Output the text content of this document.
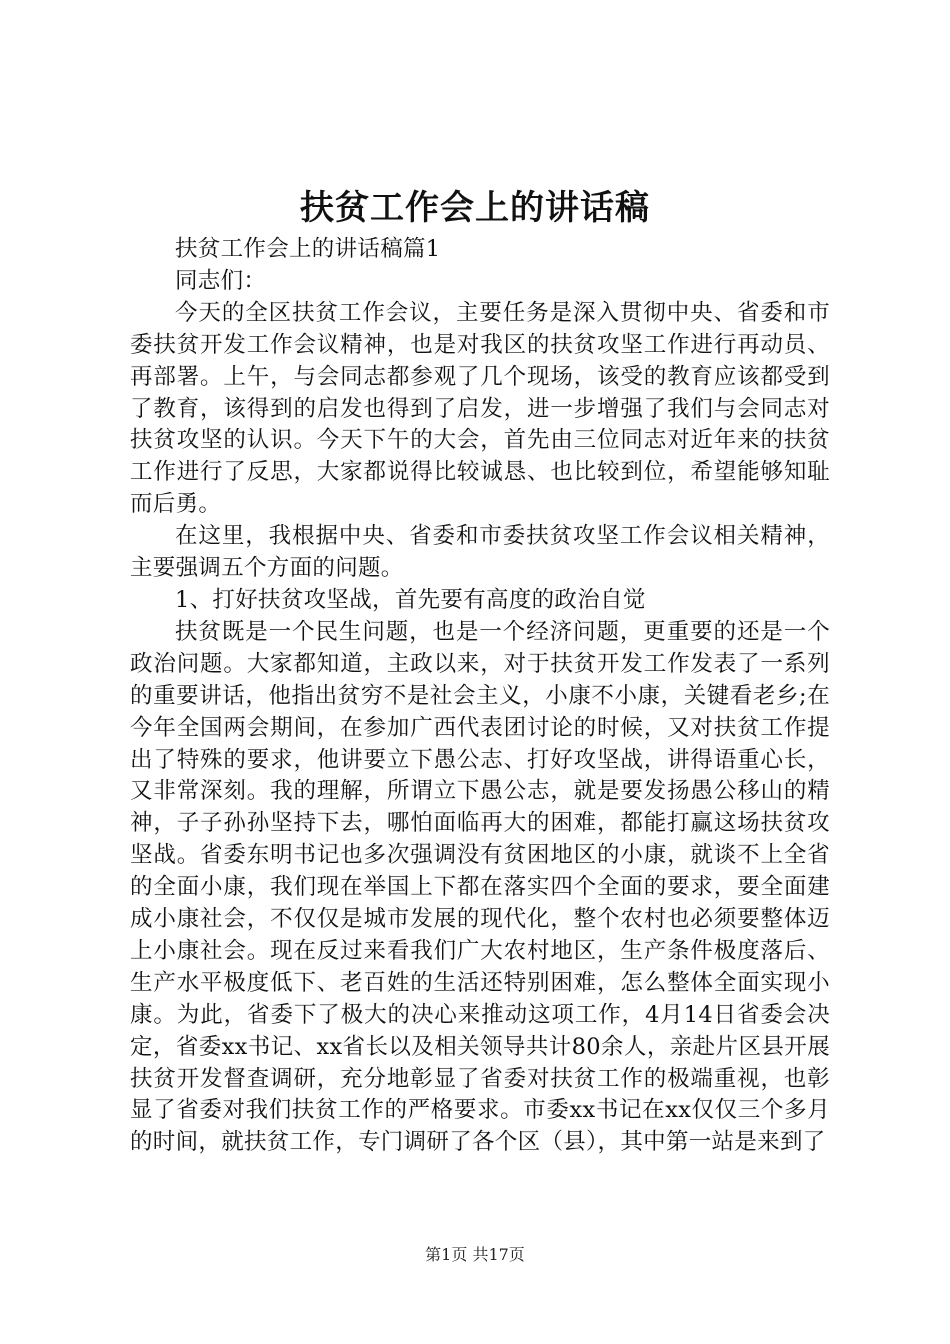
扶贫工作会上的讲话稿

扶贫工作会上的讲话稿篇1

同志们：

今天的全区扶贫工作会议，主要任务是深入贯彻中央、省委和市委扶贫开发工作会议精神，也是对我区的扶贫攻坚工作进行再动员、再部署。上午，与会同志都参观了几个现场，该受的教育应该都受到了教育，该得到的启发也得到了启发，进一步增强了我们与会同志对扶贫攻坚的认识。今天下午的大会，首先由三位同志对近年来的扶贫工作进行了反思，大家都说得比较诚恳、也比较到位，希望能够知耻而后勇。

在这里，我根据中央、省委和市委扶贫攻坚工作会议相关精神，主要强调五个方面的问题。

1、打好扶贫攻坚战，首先要有高度的政治自觉

扶贫既是一个民生问题，也是一个经济问题，更重要的还是一个政治问题。大家都知道，主政以来，对于扶贫开发工作发表了一系列的重要讲话，他指出贫穷不是社会主义，小康不小康，关键看老乡;在今年全国两会期间，在参加广西代表团讨论的时候，又对扶贫工作提出了特殊的要求，他讲要立下愚公志、打好攻坚战，讲得语重心长，又非常深刻。我的理解，所谓立下愚公志，就是要发扬愚公移山的精神，子子孙孙坚持下去，哪怕面临再大的困难，都能打赢这场扶贫攻坚战。省委东明书记也多次强调没有贫困地区的小康，就谈不上全省的全面小康，我们现在举国上下都在落实四个全面的要求，要全面建成小康社会，不仅仅是城市发展的现代化，整个农村也必须要整体迈上小康社会。现在反过来看我们广大农村地区，生产条件极度落后、生产水平极度低下、老百姓的生活还特别困难，怎么整体全面实现小康。为此，省委下了极大的决心来推动这项工作，4月14日省委会决定，省委xx书记、xx省长以及相关领导共计80余人，亲赴片区县开展扶贫开发督查调研，充分地彰显了省委对扶贫工作的极端重视，也彰显了省委对我们扶贫工作的严格要求。市委xx书记在xx仅仅三个多月的时间，就扶贫工作，专门调研了各个区（县），其中第一站是来到了

第1页 共17页
